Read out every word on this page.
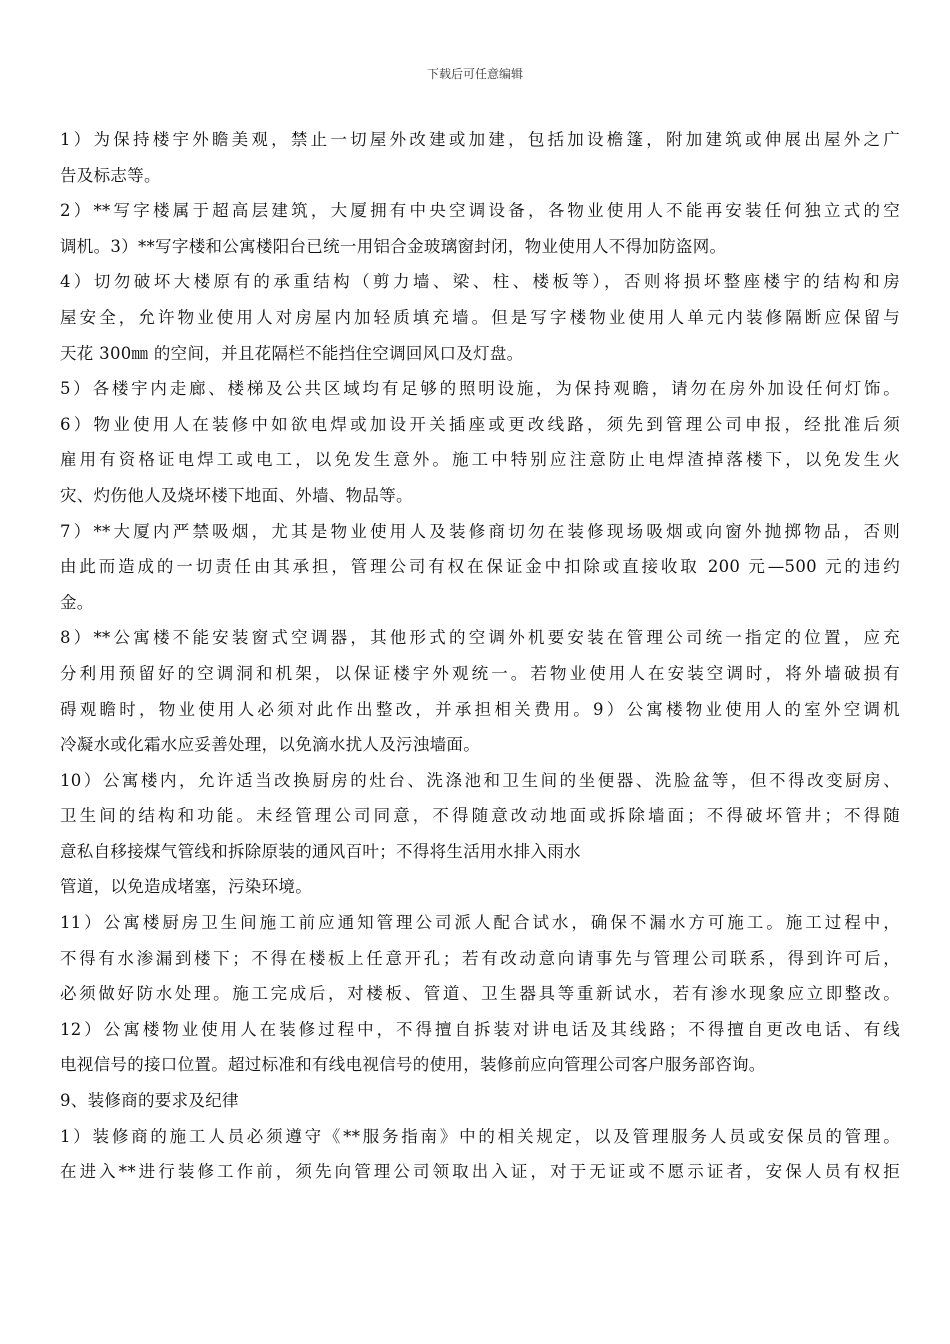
下载后可任意编辑
1）为保持楼宇外瞻美观，禁止一切屋外改建或加建，包括加设檐篷，附加建筑或伸展出屋外之广
告及标志等。
2）**写字楼属于超高层建筑，大厦拥有中央空调设备，各物业使用人不能再安装任何独立式的空
调机。3）**写字楼和公寓楼阳台已统一用铝合金玻璃窗封闭，物业使用人不得加防盗网。
4）切勿破坏大楼原有的承重结构（剪力墙、梁、柱、楼板等），否则将损坏整座楼宇的结构和房
屋安全，允许物业使用人对房屋内加轻质填充墙。但是写字楼物业使用人单元内装修隔断应保留与
天花 300㎜ 的空间，并且花隔栏不能挡住空调回风口及灯盘。
5）各楼宇内走廊、楼梯及公共区域均有足够的照明设施，为保持观瞻，请勿在房外加设任何灯饰。
6）物业使用人在装修中如欲电焊或加设开关插座或更改线路，须先到管理公司申报，经批准后须
雇用有资格证电焊工或电工，以免发生意外。施工中特别应注意防止电焊渣掉落楼下，以免发生火
灾、灼伤他人及烧坏楼下地面、外墙、物品等。
7）**大厦内严禁吸烟，尤其是物业使用人及装修商切勿在装修现场吸烟或向窗外抛掷物品，否则
由此而造成的一切责任由其承担，管理公司有权在保证金中扣除或直接收取 200 元—500 元的违约
金。
8）**公寓楼不能安装窗式空调器，其他形式的空调外机要安装在管理公司统一指定的位置，应充
分利用预留好的空调洞和机架，以保证楼宇外观统一。若物业使用人在安装空调时，将外墙破损有
碍观瞻时，物业使用人必须对此作出整改，并承担相关费用。9）公寓楼物业使用人的室外空调机
冷凝水或化霜水应妥善处理，以免滴水扰人及污浊墙面。
10）公寓楼内，允许适当改换厨房的灶台、洗涤池和卫生间的坐便器、洗脸盆等，但不得改变厨房、
卫生间的结构和功能。未经管理公司同意，不得随意改动地面或拆除墙面；不得破坏管井；不得随
意私自移接煤气管线和拆除原装的通风百叶；不得将生活用水排入雨水
管道，以免造成堵塞，污染环境。
11）公寓楼厨房卫生间施工前应通知管理公司派人配合试水，确保不漏水方可施工。施工过程中，
不得有水渗漏到楼下；不得在楼板上任意开孔；若有改动意向请事先与管理公司联系，得到许可后，
必须做好防水处理。施工完成后，对楼板、管道、卫生器具等重新试水，若有渗水现象应立即整改。
12）公寓楼物业使用人在装修过程中，不得擅自拆装对讲电话及其线路；不得擅自更改电话、有线
电视信号的接口位置。超过标准和有线电视信号的使用，装修前应向管理公司客户服务部咨询。
9、装修商的要求及纪律
1）装修商的施工人员必须遵守《**服务指南》中的相关规定，以及管理服务人员或安保员的管理。
在进入**进行装修工作前，须先向管理公司领取出入证，对于无证或不愿示证者，安保人员有权拒
